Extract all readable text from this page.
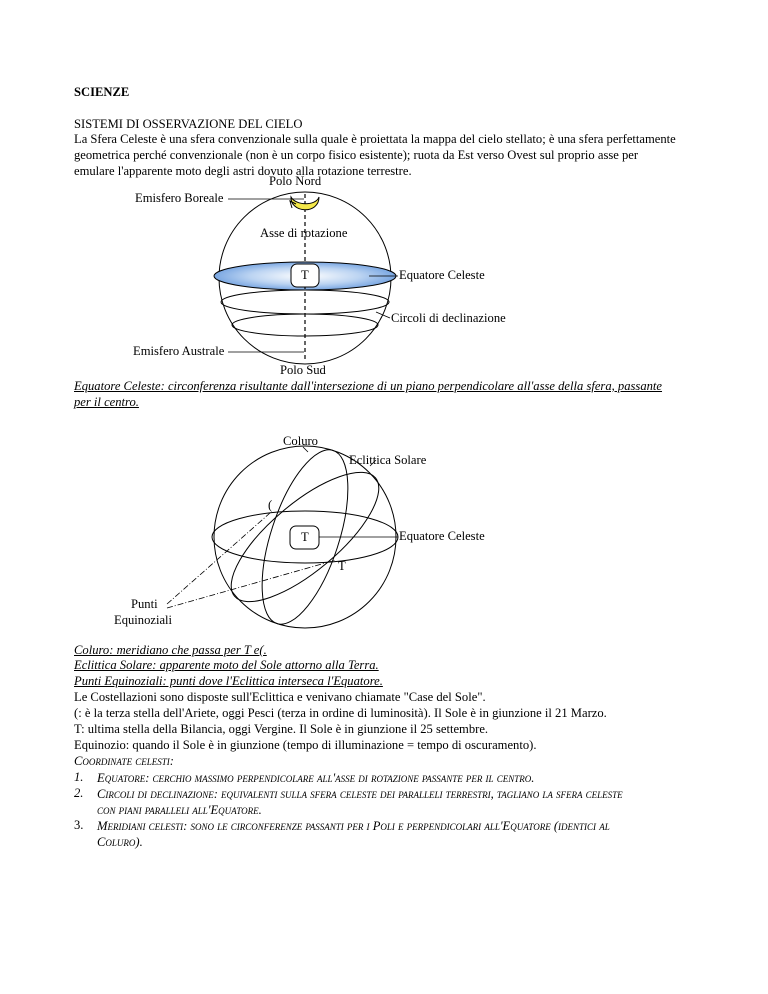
SCIENZE
SISTEMI DI OSSERVAZIONE DEL CIELO
La Sfera Celeste è una sfera convenzionale sulla quale è proiettata la mappa del cielo stellato; è una sfera perfettamente
geometrica perché convenzionale (non è un corpo fisico esistente); ruota da Est verso Ovest sul proprio asse per
emulare l'apparente moto degli astri dovuto alla rotazione terrestre.
Polo Nord
Emisfero Boreale
Asse di rotazione
T	Equatore Celeste
Circoli di declinazione
Emisfero Australe
Polo Sud
Equatore Celeste: circonferenza risultante dall'intersezione di un piano perpendicolare all'asse della sfera, passante
per il centro.
Coluro
Eclittica Solare
(
T	Equatore Celeste
T
Punti
Equinoziali
Coluro: meridiano che passa per T e(.
Eclittica Solare: apparente moto del Sole attorno alla Terra.
Punti Equinoziali: punti dove l'Eclittica interseca l'Equatore.
Le Costellazioni sono disposte sull'Eclittica e venivano chiamate "Case del Sole".
(: è la terza stella dell'Ariete, oggi Pesci (terza in ordine di luminosità). Il Sole è in giunzione il 21 Marzo.
T: ultima stella della Bilancia, oggi Vergine. Il Sole è in giunzione il 25 settembre.
Equinozio: quando il Sole è in giunzione (tempo di illuminazione = tempo di oscuramento).
Coordinate celesti:
1. Equatore: cerchio massimo perpendicolare all'asse di rotazione passante per il centro.
2. Circoli di declinazione: equivalenti sulla sfera celeste dei paralleli terrestri, tagliano la sfera celeste
con piani paralleli all'Equatore.
3. Meridiani celesti: sono le circonferenze passanti per i Poli e perpendicolari all'Equatore (identici al
Coluro).
